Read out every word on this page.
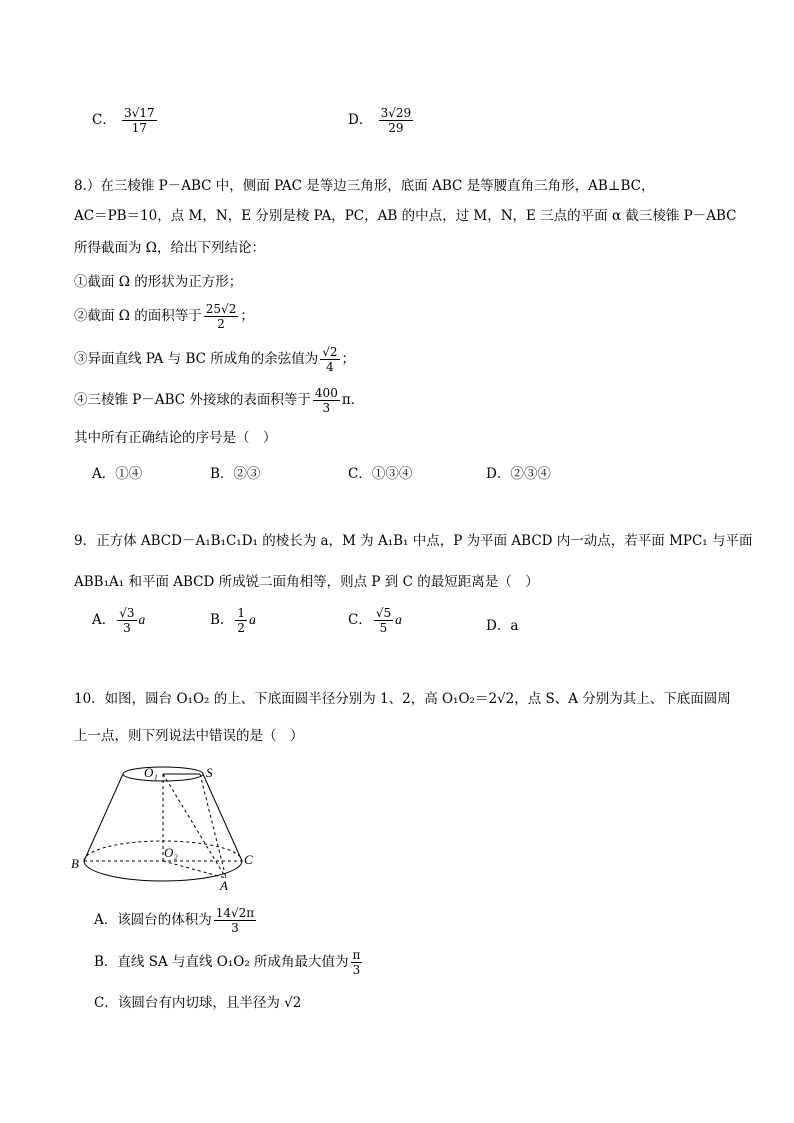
C． $\frac{3√17}{17}$	D． $\frac{3√29}{29}$
8.）在三棱锥 P－ABC 中，侧面 PAC 是等边三角形，底面 ABC 是等腰直角三角形，AB⊥BC，
AC＝PB＝10，点 M，N，E 分别是棱 PA，PC，AB 的中点，过 M，N，E 三点的平面 α 截三棱锥 P－ABC
所得截面为 Ω，给出下列结论：
①截面 Ω 的形状为正方形；
②截面 Ω 的面积等于 $\frac{25√2}{2}$ ；
③异面直线 PA 与 BC 所成角的余弦值为 $\frac{√2}{4}$ ；
④三棱锥 P－ABC 外接球的表面积等于 $\frac{400}{3}$ π．
其中所有正确结论的序号是（　）
A．①④	B．②③	C．①③④	D．②③④
9．正方体 ABCD－A₁B₁C₁D₁ 的棱长为 a，M 为 A₁B₁ 中点，P 为平面 ABCD 内一动点，若平面 MPC₁ 与平面
ABB₁A₁ 和平面 ABCD 所成锐二面角相等，则点 P 到 C 的最短距离是（　）
A． $\frac{√3}{3}$ a	B． $\frac{1}{2}$ a	C． $\frac{√5}{5}$ a	D．a
10．如图，圆台 O₁O₂ 的上、下底面圆半径分别为 1、2，高 O₁O₂＝2√2，点 S、A 分别为其上、下底面圆周
上一点，则下列说法中错误的是（　）
O₁	S
O₂
B	C
A
A．该圆台的体积为 $\frac{14√2\pi}{3}$
B．直线 SA 与直线 O₁O₂ 所成角最大值为 $\frac{\pi}{3}$
C．该圆台有内切球，且半径为 √2
